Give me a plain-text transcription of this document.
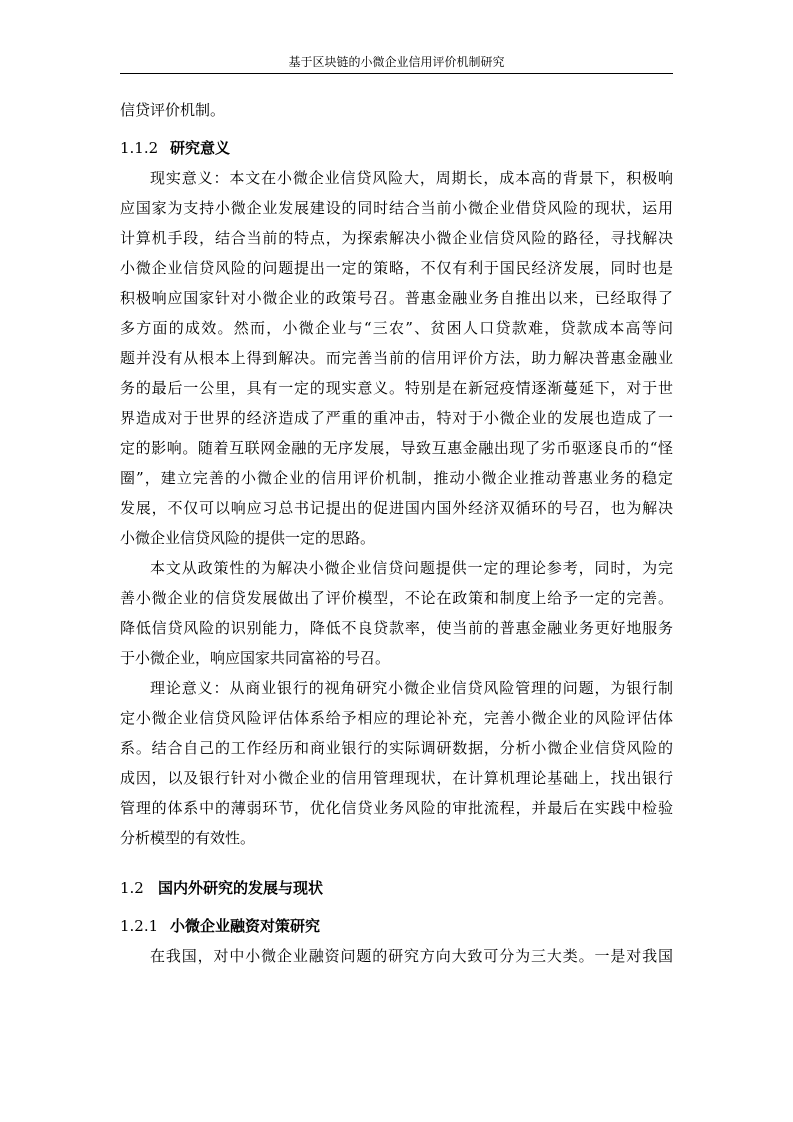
基于区块链的小微企业信用评价机制研究
信贷评价机制。
1.1.2 研究意义
现实意义：本文在小微企业信贷风险大，周期长，成本高的背景下，积极响
应国家为支持小微企业发展建设的同时结合当前小微企业借贷风险的现状，运用
计算机手段，结合当前的特点，为探索解决小微企业信贷风险的路径，寻找解决
小微企业信贷风险的问题提出一定的策略，不仅有利于国民经济发展，同时也是
积极响应国家针对小微企业的政策号召。普惠金融业务自推出以来，已经取得了
多方面的成效。然而，小微企业与“三农”、贫困人口贷款难，贷款成本高等问
题并没有从根本上得到解决。而完善当前的信用评价方法，助力解决普惠金融业
务的最后一公里，具有一定的现实意义。特别是在新冠疫情逐渐蔓延下，对于世
界造成对于世界的经济造成了严重的重冲击，特对于小微企业的发展也造成了一
定的影响。随着互联网金融的无序发展，导致互惠金融出现了劣币驱逐良币的“怪
圈”，建立完善的小微企业的信用评价机制，推动小微企业推动普惠业务的稳定
发展，不仅可以响应习总书记提出的促进国内国外经济双循环的号召，也为解决
小微企业信贷风险的提供一定的思路。
本文从政策性的为解决小微企业信贷问题提供一定的理论参考，同时，为完
善小微企业的信贷发展做出了评价模型，不论在政策和制度上给予一定的完善。
降低信贷风险的识别能力，降低不良贷款率，使当前的普惠金融业务更好地服务
于小微企业，响应国家共同富裕的号召。
理论意义：从商业银行的视角研究小微企业信贷风险管理的问题，为银行制
定小微企业信贷风险评估体系给予相应的理论补充，完善小微企业的风险评估体
系。结合自己的工作经历和商业银行的实际调研数据，分析小微企业信贷风险的
成因，以及银行针对小微企业的信用管理现状，在计算机理论基础上，找出银行
管理的体系中的薄弱环节，优化信贷业务风险的审批流程，并最后在实践中检验
分析模型的有效性。
1.2 国内外研究的发展与现状
1.2.1 小微企业融资对策研究
在我国，对中小微企业融资问题的研究方向大致可分为三大类。一是对我国
